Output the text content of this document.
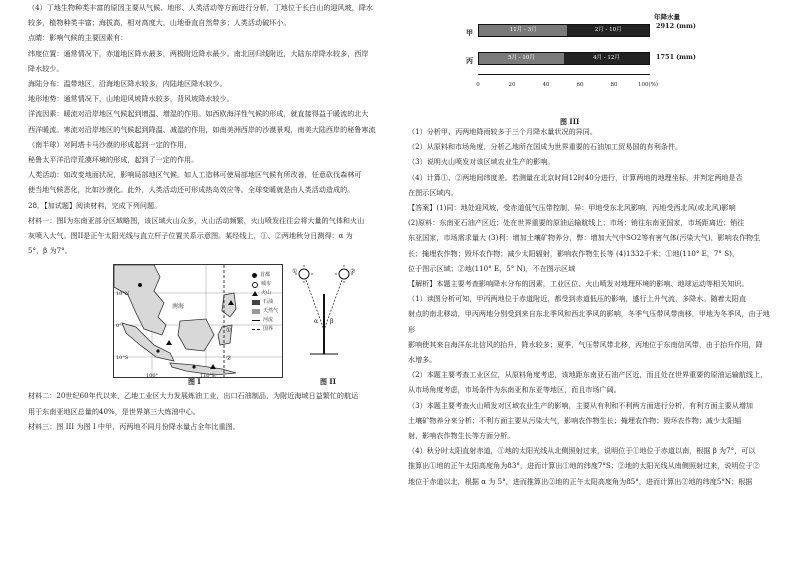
（4）丁地生物种类丰富的原因主要从气候、地形、人类活动等方面进行分析，丁地位于长白山的迎风坡，降水

较多，植物种类丰富；海拔高，相对高度大，山地垂直自然带多；人类活动破坏小。

点睛：影响气候的主要因素有：

纬度位置：通常情况下，赤道地区降水最多，两极附近降水最少。南北回归线附近，大陆东岸降水较多，西岸

降水较少。

海陆分布：温带地区，沿海地区降水较多，内陆地区降水较少。

地形地势：通常情况下，山地迎风坡降水较多，背风坡降水较少。

洋流因素：暖流对沿岸地区气候起到增温、增湿的作用。如西欧海洋性气候的形成，就直接得益于暖流的北大

西洋暖流。寒流对沿岸地区的气候起到降温、减湿的作用，如南美洲西岸的沙漠景观，南美大陆西岸的秘鲁寒流（南半球）对阿塔卡马沙漠的形成起到一定的作用，

秘鲁太平洋沿岸荒漠环境的形成，起到了一定的作用。

人类活动：如改变地面状况，影响局部地区气候。如人工造林可使局部地区气候有所改善，任意砍伐森林可

使当地气候恶化，比如沙漠化。此外，人类活动还可形成热岛效应等。全球变暖就是由人类活动造成的。

28．【加试题】阅读材料，完成下列问题。

材料一：图I为东南亚部分区域略图，该区域火山众多，火山活动频繁，火山喷发往往会将大量的气体和火山

灰喷入大气。图II是正午太阳光线与直立杆子位置关系示意图。某经线上，①、②两地秋分日测得：α 为

5°，β 为7°。

南海
10°N
0°
10°S
100°	110°E
①
②
首都
城市
火山
石油
天然气
河流
国界
图 I
α β
①	②
图 II

材料二：20世纪60年代以来，乙地工业区大力发展炼油工业，出口石油制品，为附近海域日益繁忙的航运

用于东南亚地区总量的40%，是世界第三大炼油中心。

材料三：图 III 为图 I 中甲、丙两地不同月份降水量占全年比重图。

年降水量
甲	11月 - 3月	2月 - 10月	2912 (mm)
丙	5月 - 10月	4月 - 12月	1751 (mm)
0	20	40	60	80	100(%)
图 III

（1）分析甲、丙两地降雨较多于三个月降水量状况的异同。

（2）从原料和市场角度，分析乙地所在国成为世界重要的石油加工贸易国的有利条件。

（3）说明火山喷发对该区域农业生产的影响。

（4）计算①、②两地间纬度差。若测量在北京时间12时40分进行，计算两地的地理坐标，并判定两地是否

在图示区域内。

【答案】(1)同：地处迎风坡，受赤道低气压带控制，异：甲地受东北风影响，丙地受西北风(或北风)影响

(2)原料：东南亚石油产区近；处在世界重要的原油运输航线上；市场：销往东南亚国家，市场距离近；销往

东亚国家，市场需求量大 (3)利：增加土壤矿物养分，弊：增加大气中SO2等有害气体(污染大气)，影响农作物生长；掩埋农作物；毁坏农作物；减少太阳辐射，影响农作物生长等 (4)1332千米；①地(110° E，7° S)，

位于图示区域；②地(110° E，5° N)，不在图示区域

【解析】本题主要考查影响降水分布的因素，工业区位、火山喷发对地理环境的影响、地球运动等相关知识。

（1）读图分析可知，甲丙两地位于赤道附近，都受到赤道低压的影响，盛行上升气流，多降水。随着太阳直

射点的南北移动，甲丙两地分别受到来自东北季风和西北季风的影响，冬季气压带风带南移，甲地为冬季风，由于地形

影响使其来自海洋东北信风的抬升，降水较多；夏季，气压带风带北移，丙地位于东南信风带，由于抬升作用，降

水增多。

（2）本题主要考查工业区位，从原料角度考虑，该地距东南亚石油产区近，而且处在世界重要的原油运输航线上，

从市场角度考虑，市场条件为东南亚和东亚等地区，而且市场广阔。

（3）本题主要考查火山喷发对区域农业生产的影响，主要从有利和不利两方面进行分析，有利方面主要从增加

土壤矿物养分来分析；不利方面主要从污染大气，影响农作物生长；掩埋农作物；毁坏农作物；减少太阳辐

射，影响农作物生长等方面分析。

（4）秋分时太阳直射赤道，①地的太阳光线从北侧照射过来，说明位于①地位于赤道以南，根据 β 为7°，可以

推算出①地的正午太阳高度角为83°，进而计算出①地的纬度7°S；②地的太阳光线从南侧照射过来，说明位于②

地位于赤道以北，根据 α 为 5°，进而推算出②地的正午太阳高度角为85°，进而计算出②地的纬度5°N；根据
